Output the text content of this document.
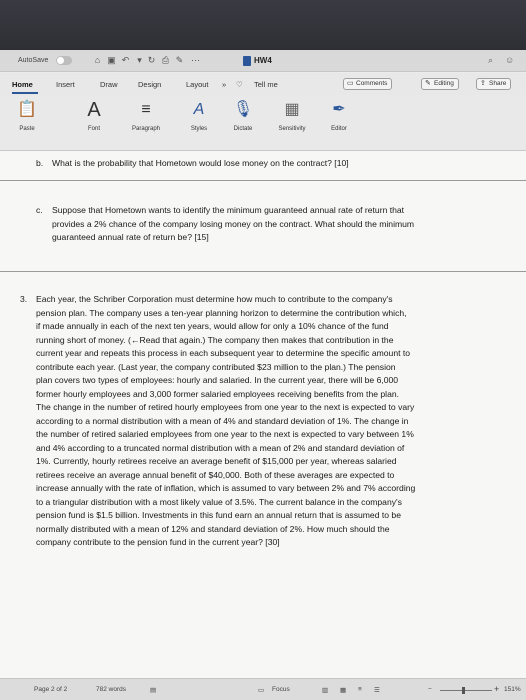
AutoSave	⌂ ▣ ↶ ▾ ↻ ⎙ ✎ ⋯	HW4	⌕ ☺
Home	Insert	Draw	Design	Layout » ♡ Tell me	▭ Comments	✎ Editing	⇪ Share
📋
Paste
A
Font
≡
Paragraph
A
Styles
🎙
Dictate
▦
Sensitivity
✒
Editor
b. What is the probability that Hometown would lose money on the contract? [10]
c. Suppose that Hometown wants to identify the minimum guaranteed annual rate of return that
provides a 2% chance of the company losing money on the contract. What should the minimum
guaranteed annual rate of return be? [15]
3. Each year, the Schriber Corporation must determine how much to contribute to the company's
pension plan. The company uses a ten-year planning horizon to determine the contribution which,
if made annually in each of the next ten years, would allow for only a 10% chance of the fund
running short of money. (←Read that again.) The company then makes that contribution in the
current year and repeats this process in each subsequent year to determine the specific amount to
contribute each year. (Last year, the company contributed $23 million to the plan.) The pension
plan covers two types of employees: hourly and salaried. In the current year, there will be 6,000
former hourly employees and 3,000 former salaried employees receiving benefits from the plan.
The change in the number of retired hourly employees from one year to the next is expected to vary
according to a normal distribution with a mean of 4% and standard deviation of 1%. The change in
the number of retired salaried employees from one year to the next is expected to vary between 1%
and 4% according to a truncated normal distribution with a mean of 2% and standard deviation of
1%. Currently, hourly retirees receive an average benefit of $15,000 per year, whereas salaried
retirees receive an average annual benefit of $40,000. Both of these averages are expected to
increase annually with the rate of inflation, which is assumed to vary between 2% and 7% according
to a triangular distribution with a most likely value of 3.5%. The current balance in the company's
pension fund is $1.5 billion. Investments in this fund earn an annual return that is assumed to be
normally distributed with a mean of 12% and standard deviation of 2%. How much should the
company contribute to the pension fund in the current year? [30]
Page 2 of 2	782 words	▤	▭ Focus	▥ ▦ ≡ ☰	−	+ 151%
